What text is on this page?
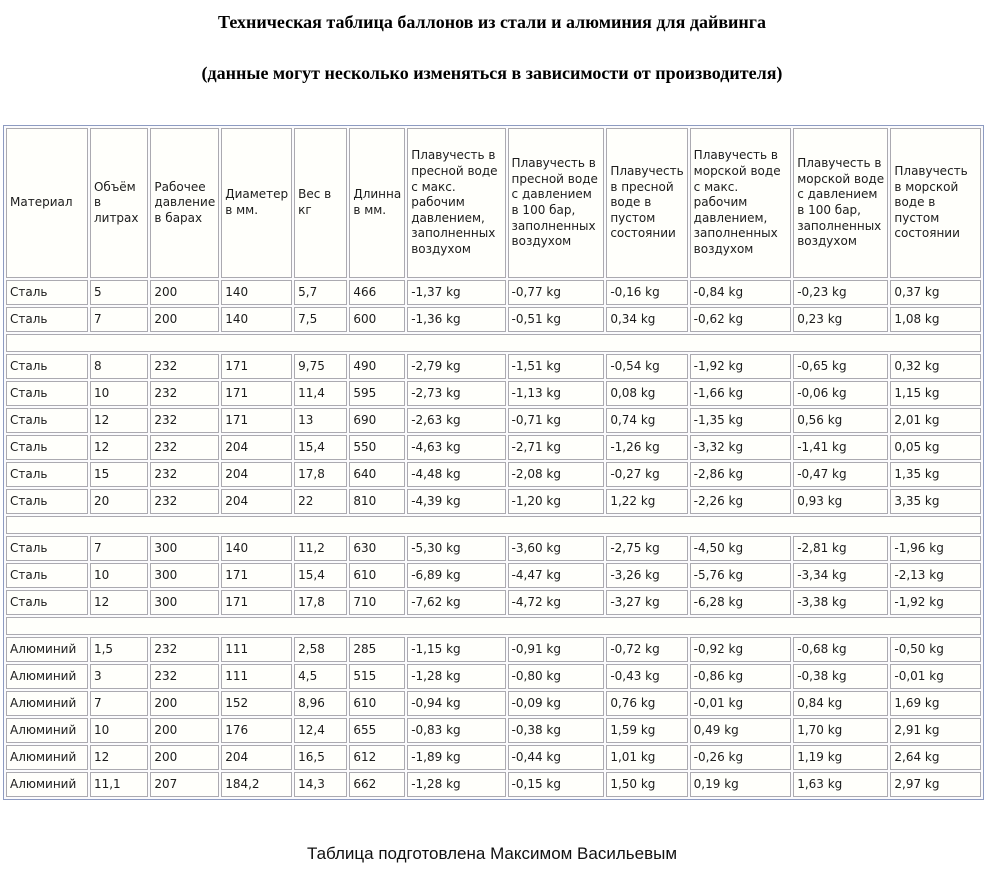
Техническая таблица баллонов из стали и алюминия для дайвинга

(данные могут несколько изменяться в зависимости от производителя)

Материал	Объём в литрах	Рабочее давление в барах	Диаметер в мм.	Вес в кг	Длинна в мм.	Плавучесть в пресной воде с макс. рабочим давлением, заполненных воздухом	Плавучесть в пресной воде с давлением в 100 бар, заполненных воздухом	Плавучесть в пресной воде в пустом состоянии	Плавучесть в морской воде с макс. рабочим давлением, заполненных воздухом	Плавучесть в морской воде с давлением в 100 бар, заполненных воздухом	Плавучесть в морской воде в пустом состоянии
Сталь	5	200	140	5,7	466	-1,37 kg	-0,77 kg	-0,16 kg	-0,84 kg	-0,23 kg	0,37 kg
Сталь	7	200	140	7,5	600	-1,36 kg	-0,51 kg	0,34 kg	-0,62 kg	0,23 kg	1,08 kg

Сталь	8	232	171	9,75	490	-2,79 kg	-1,51 kg	-0,54 kg	-1,92 kg	-0,65 kg	0,32 kg
Сталь	10	232	171	11,4	595	-2,73 kg	-1,13 kg	0,08 kg	-1,66 kg	-0,06 kg	1,15 kg
Сталь	12	232	171	13	690	-2,63 kg	-0,71 kg	0,74 kg	-1,35 kg	0,56 kg	2,01 kg
Сталь	12	232	204	15,4	550	-4,63 kg	-2,71 kg	-1,26 kg	-3,32 kg	-1,41 kg	0,05 kg
Сталь	15	232	204	17,8	640	-4,48 kg	-2,08 kg	-0,27 kg	-2,86 kg	-0,47 kg	1,35 kg
Сталь	20	232	204	22	810	-4,39 kg	-1,20 kg	1,22 kg	-2,26 kg	0,93 kg	3,35 kg

Сталь	7	300	140	11,2	630	-5,30 kg	-3,60 kg	-2,75 kg	-4,50 kg	-2,81 kg	-1,96 kg
Сталь	10	300	171	15,4	610	-6,89 kg	-4,47 kg	-3,26 kg	-5,76 kg	-3,34 kg	-2,13 kg
Сталь	12	300	171	17,8	710	-7,62 kg	-4,72 kg	-3,27 kg	-6,28 kg	-3,38 kg	-1,92 kg

Алюминий	1,5	232	111	2,58	285	-1,15 kg	-0,91 kg	-0,72 kg	-0,92 kg	-0,68 kg	-0,50 kg
Алюминий	3	232	111	4,5	515	-1,28 kg	-0,80 kg	-0,43 kg	-0,86 kg	-0,38 kg	-0,01 kg
Алюминий	7	200	152	8,96	610	-0,94 kg	-0,09 kg	0,76 kg	-0,01 kg	0,84 kg	1,69 kg
Алюминий	10	200	176	12,4	655	-0,83 kg	-0,38 kg	1,59 kg	0,49 kg	1,70 kg	2,91 kg
Алюминий	12	200	204	16,5	612	-1,89 kg	-0,44 kg	1,01 kg	-0,26 kg	1,19 kg	2,64 kg
Алюминий	11,1	207	184,2	14,3	662	-1,28 kg	-0,15 kg	1,50 kg	0,19 kg	1,63 kg	2,97 kg

Таблица подготовлена Максимом Васильевым
